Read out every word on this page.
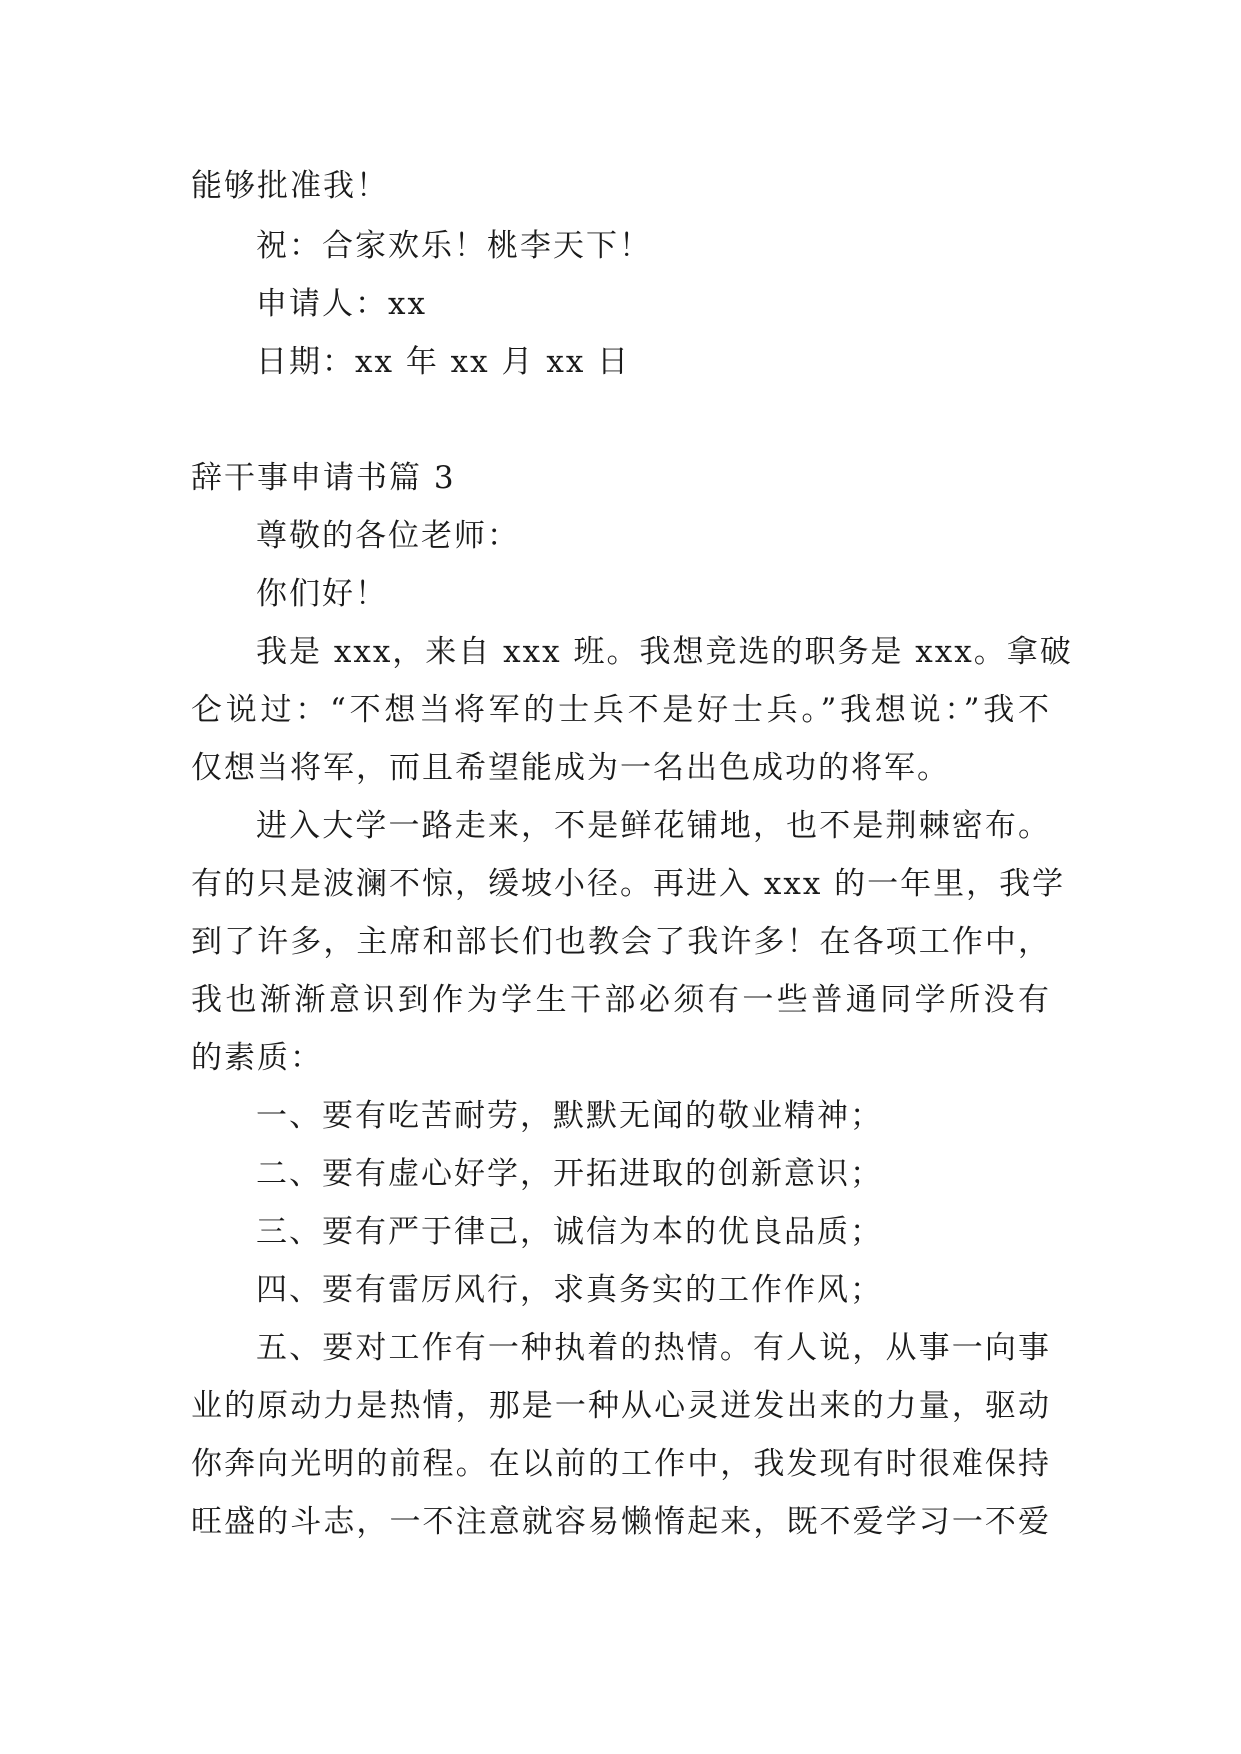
能够批准我！
祝：合家欢乐！桃李天下！
申请人：xx
日期：xx 年 xx 月 xx 日
辞干事申请书篇 3
尊敬的各位老师：
你们好！
我是 xxx，来自 xxx 班。我想竞选的职务是 xxx。拿破
仑说过：“不想当将军的士兵不是好士兵。”我想说：”我不
仅想当将军，而且希望能成为一名出色成功的将军。
进入大学一路走来，不是鲜花铺地，也不是荆棘密布。
有的只是波澜不惊，缓坡小径。再进入 xxx 的一年里，我学
到了许多，主席和部长们也教会了我许多！在各项工作中，
我也渐渐意识到作为学生干部必须有一些普通同学所没有
的素质：
一、要有吃苦耐劳，默默无闻的敬业精神；
二、要有虚心好学，开拓进取的创新意识；
三、要有严于律己，诚信为本的优良品质；
四、要有雷厉风行，求真务实的工作作风；
五、要对工作有一种执着的热情。有人说，从事一向事
业的原动力是热情，那是一种从心灵迸发出来的力量，驱动
你奔向光明的前程。在以前的工作中，我发现有时很难保持
旺盛的斗志，一不注意就容易懒惰起来，既不爱学习一不爱
